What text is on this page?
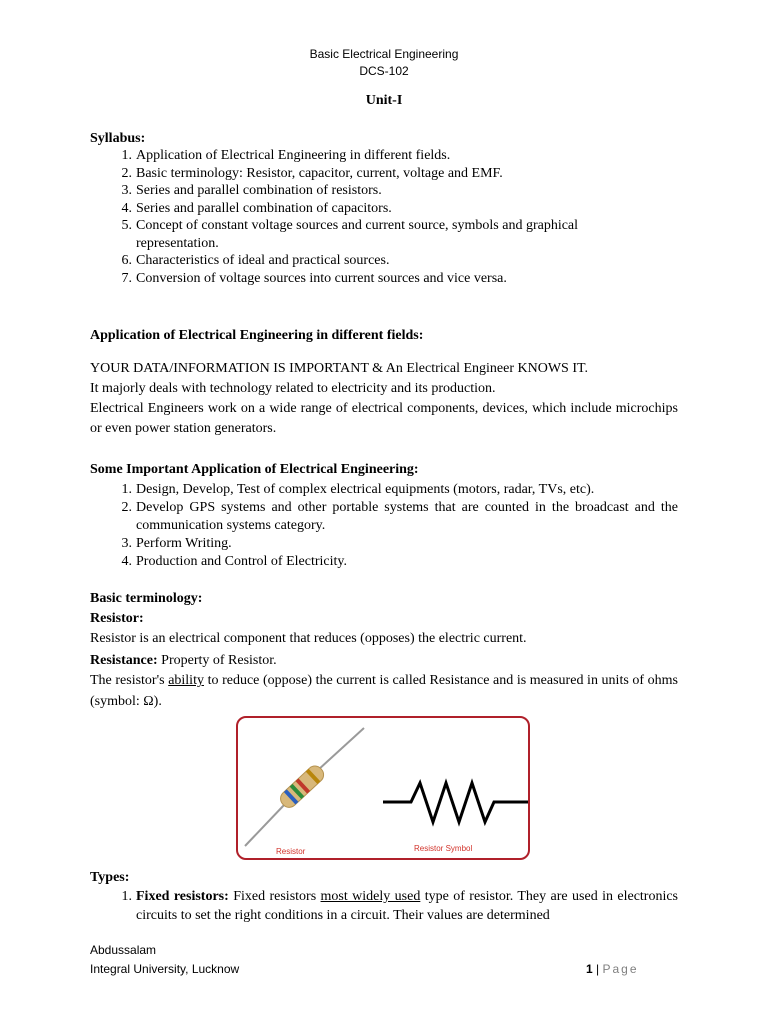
Basic Electrical Engineering
DCS-102
Unit-I
Syllabus:
1. Application of Electrical Engineering in different fields.
2. Basic terminology: Resistor, capacitor, current, voltage and EMF.
3. Series and parallel combination of resistors.
4. Series and parallel combination of capacitors.
5. Concept of constant voltage sources and current source, symbols and graphical
representation.
6. Characteristics of ideal and practical sources.
7. Conversion of voltage sources into current sources and vice versa.
Application of Electrical Engineering in different fields:
YOUR DATA/INFORMATION IS IMPORTANT & An Electrical Engineer KNOWS IT.
It majorly deals with technology related to electricity and its production.
Electrical Engineers work on a wide range of electrical components, devices, which include microchips or even power station generators.
Some Important Application of Electrical Engineering:
1. Design, Develop, Test of complex electrical equipments (motors, radar, TVs, etc).
2. Develop GPS systems and other portable systems that are counted in the broadcast and the communication systems category.
3. Perform Writing.
4. Production and Control of Electricity.
Basic terminology:
Resistor:
Resistor is an electrical component that reduces (opposes) the electric current.
Resistance: Property of Resistor.
The resistor's ability to reduce (oppose) the current is called Resistance and is measured in units of ohms (symbol: Ω).
Resistor	Resistor Symbol
Types:
1. Fixed resistors: Fixed resistors most widely used type of resistor. They are used in electronics circuits to set the right conditions in a circuit. Their values are determined
Abdussalam
Integral University, Lucknow	1 | Page
